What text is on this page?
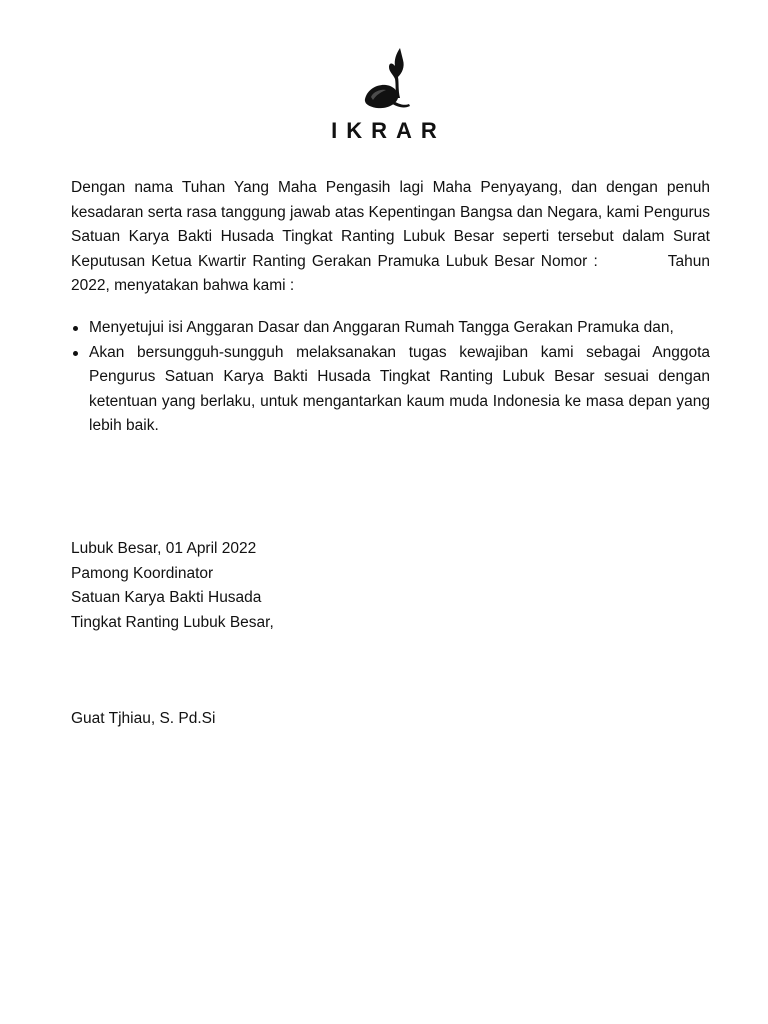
IKRAR
Dengan nama Tuhan Yang Maha Pengasih lagi Maha Penyayang, dan dengan penuh kesadaran serta rasa tanggung jawab atas Kepentingan Bangsa dan Negara, kami Pengurus Satuan Karya Bakti Husada Tingkat Ranting Lubuk Besar seperti tersebut dalam Surat Keputusan Ketua Kwartir Ranting Gerakan Pramuka Lubuk Besar Nomor :	Tahun 2022, menyatakan bahwa kami :
Menyetujui isi Anggaran Dasar dan Anggaran Rumah Tangga Gerakan Pramuka dan,
Akan bersungguh-sungguh melaksanakan tugas kewajiban kami sebagai Anggota Pengurus Satuan Karya Bakti Husada Tingkat Ranting Lubuk Besar sesuai dengan ketentuan yang berlaku, untuk mengantarkan kaum muda Indonesia ke masa depan yang lebih baik.
Lubuk Besar, 01 April 2022
Pamong Koordinator
Satuan Karya Bakti Husada
Tingkat Ranting Lubuk Besar,
Guat Tjhiau, S. Pd.Si
